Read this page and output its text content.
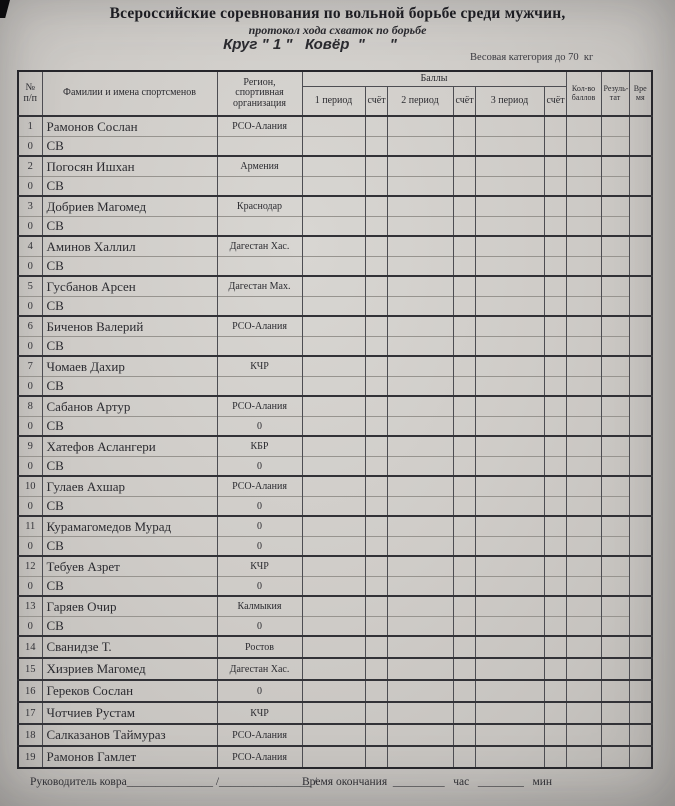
Всероссийские соревнования по вольной борьбе среди мужчин,
протокол хода схваток по борьбе
Круг " 1 "   Ковёр  "      "
Весовая категория до 70  кг
№
п/п	Фамилии и имена спортсменов	Регион, спортивная организация	Баллы						Кол-во баллов	Резуль- тат	Вре мя
			1 период	счёт	2 период	счёт	3 период	счёт			
1	Рамонов Сослан	РСО-Алания									
0	СВ										
2	Погосян Ишхан	Армения									
0	СВ										
3	Добриев Магомед	Краснодар									
0	СВ										
4	Аминов Халлил	Дагестан Хас.									
0	СВ										
5	Гусбанов Арсен	Дагестан Мах.									
0	СВ										
6	Биченов Валерий	РСО-Алания									
0	СВ										
7	Чомаев Дахир	КЧР									
0	СВ										
8	Сабанов Артур	РСО-Алания									
0	СВ	0									
9	Хатефов Аслангери	КБР									
0	СВ	0									
10	Гулаев Ахшар	РСО-Алания									
0	СВ	0									
11	Курамагомедов Мурад	0									
0	СВ	0									
12	Тебуев Азрет	КЧР									
0	СВ	0									
13	Гаряев Очир	Калмыкия									
0	СВ	0									
14	Сванидзе Т.	Ростов									
15	Хизриев Магомед	Дагестан Хас.									
16	Гереков Сослан	0									
17	Чотчиев Рустам	КЧР									
18	Салказанов Таймураз	РСО-Алания									
19	Рамонов Гамлет	РСО-Алания									
Руководитель ковра_______________ /________________ /
Время окончания  _________   час   ________   мин
